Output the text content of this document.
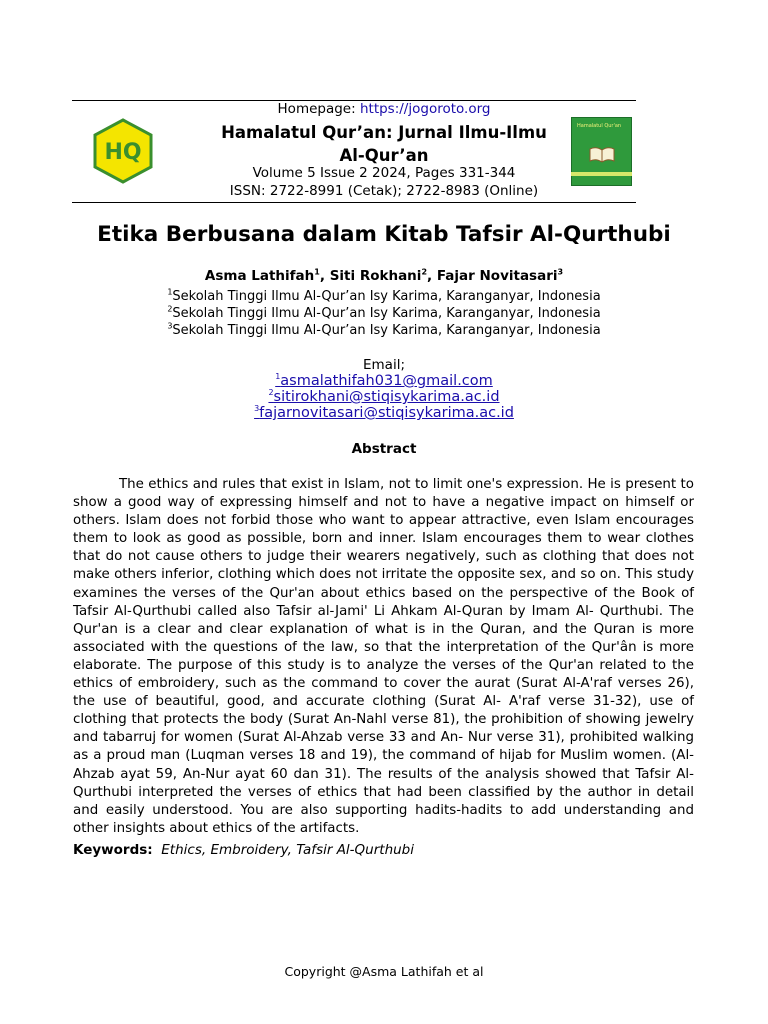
HQ
Homepage: https://jogoroto.org
Hamalatul Qur’an: Jurnal Ilmu-Ilmu
Al-Qur’an
Volume 5 Issue 2 2024, Pages 331-344
ISSN: 2722-8991 (Cetak); 2722-8983 (Online)
Hamalatul Qur'an
Etika Berbusana dalam Kitab Tafsir Al-Qurthubi
Asma Lathifah$^1$, Siti Rokhani$^2$, Fajar Novitasari$^3$
$^1$Sekolah Tinggi Ilmu Al-Qur’an Isy Karima, Karanganyar, Indonesia
$^2$Sekolah Tinggi Ilmu Al-Qur’an Isy Karima, Karanganyar, Indonesia
$^3$Sekolah Tinggi Ilmu Al-Qur’an Isy Karima, Karanganyar, Indonesia
Email;
$^1$asmalathifah031@gmail.com
$^2$sitirokhani@stiqisykarima.ac.id
$^3$fajarnovitasari@stiqisykarima.ac.id
Abstract
The ethics and rules that exist in Islam, not to limit one's expression. He is present to show a good way of expressing himself and not to have a negative impact on himself or others. Islam does not forbid those who want to appear attractive, even Islam encourages them to look as good as possible, born and inner. Islam encourages them to wear clothes that do not cause others to judge their wearers negatively, such as clothing that does not make others inferior, clothing which does not irritate the opposite sex, and so on. This study examines the verses of the Qur'an about ethics based on the perspective of the Book of Tafsir Al-Qurthubi called also Tafsir al-Jami' Li Ahkam Al-Quran by Imam Al- Qurthubi. The Qur'an is a clear and clear explanation of what is in the Quran, and the Quran is more associated with the questions of the law, so that the interpretation of the Qur'ân is more elaborate. The purpose of this study is to analyze the verses of the Qur'an related to the ethics of embroidery, such as the command to cover the aurat (Surat Al-A'raf verses 26), the use of beautiful, good, and accurate clothing (Surat Al- A'raf verse 31-32), use of clothing that protects the body (Surat An-Nahl verse 81), the prohibition of showing jewelry and tabarruj for women (Surat Al-Ahzab verse 33 and An- Nur verse 31), prohibited walking as a proud man (Luqman verses 18 and 19), the command of hijab for Muslim women. (Al-Ahzab ayat 59, An-Nur ayat 60 dan 31). The results of the analysis showed that Tafsir Al-Qurthubi interpreted the verses of ethics that had been classified by the author in detail and easily understood. You are also supporting hadits-hadits to add understanding and other insights about ethics of the artifacts.
Keywords: Ethics, Embroidery, Tafsir Al-Qurthubi
Copyright @Asma Lathifah et al
